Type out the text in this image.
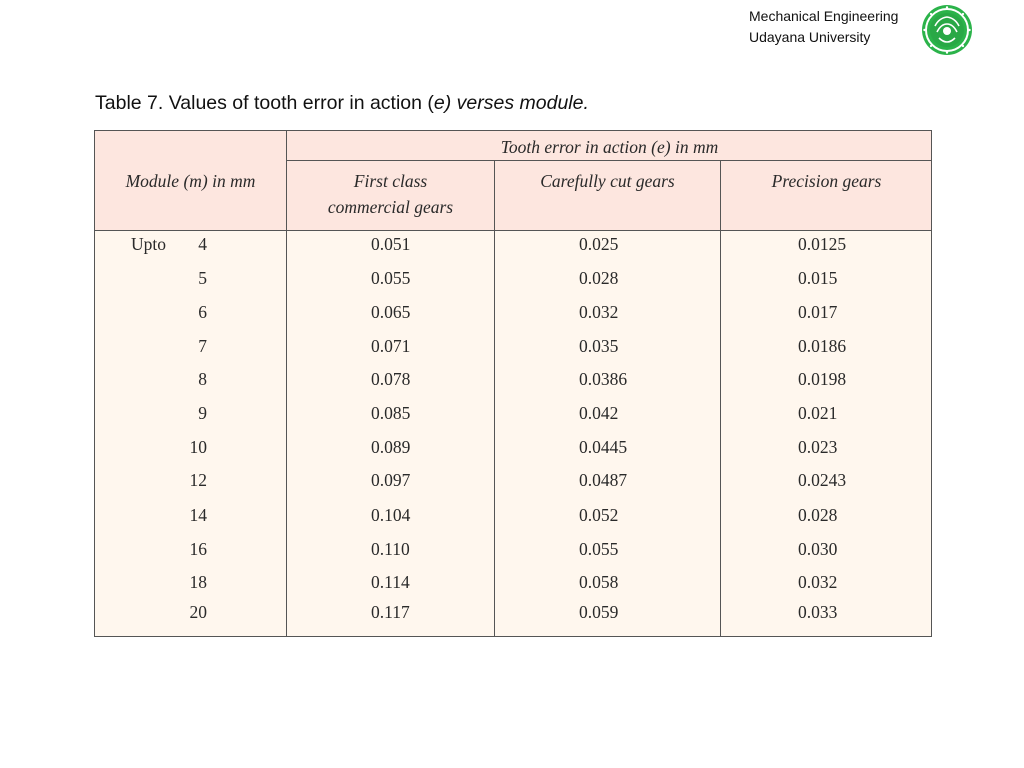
Mechanical Engineering
Udayana University
Table 7. Values of tooth error in action (e) verses module.
Tooth error in action (e) in mm
Module (m) in mm	First class
commercial gears
Carefully cut gears	Precision gears
Upto	4	0.051	0.025	0.0125
5	0.055	0.028	0.015
6	0.065	0.032	0.017
7	0.071	0.035	0.0186
8	0.078	0.0386	0.0198
9	0.085	0.042	0.021
10	0.089	0.0445	0.023
12	0.097	0.0487	0.0243
14	0.104	0.052	0.028
16	0.110	0.055	0.030
18	0.114	0.058	0.032
20	0.117	0.059	0.033
